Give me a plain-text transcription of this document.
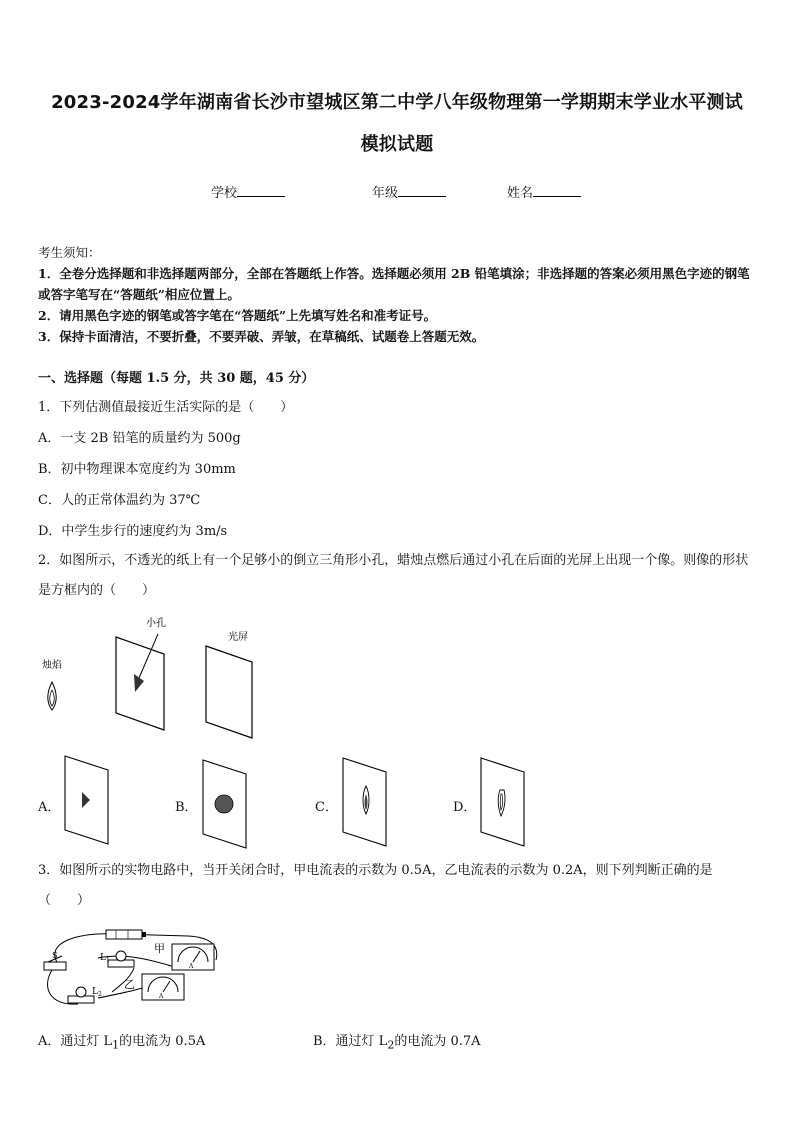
2023-2024学年湖南省长沙市望城区第二中学八年级物理第一学期期末学业水平测试
模拟试题
学校	年级	姓名
考生须知：
1．全卷分选择题和非选择题两部分，全部在答题纸上作答。选择题必须用 2B 铅笔填涂；非选择题的答案必须用黑色字迹的钢笔或答字笔写在“答题纸”相应位置上。
2．请用黑色字迹的钢笔或答字笔在“答题纸”上先填写姓名和准考证号。
3．保持卡面清洁，不要折叠，不要弄破、弄皱，在草稿纸、试题卷上答题无效。
一、选择题（每题 1.5 分，共 30 题，45 分）
1．下列估测值最接近生活实际的是（　　）
A．一支 2B 铅笔的质量约为 500g
B．初中物理课本宽度约为 30mm
C．人的正常体温约为 37℃
D．中学生步行的速度约为 3m/s
2．如图所示，不透光的纸上有一个足够小的倒立三角形小孔，蜡烛点燃后通过小孔在后面的光屏上出现一个像。则像的形状是方框内的（　　）
烛焰
小孔
光屏
A．	B．	C．	D．
3．如图所示的实物电路中，当开关闭合时，甲电流表的示数为 0.5A，乙电流表的示数为 0.2A，则下列判断正确的是（　　）
S	$L_1$
$L_2$
甲
A
乙
A
A．通过灯 $L_1$的电流为 0.5A	B．通过灯 $L_2$的电流为 0.7A
